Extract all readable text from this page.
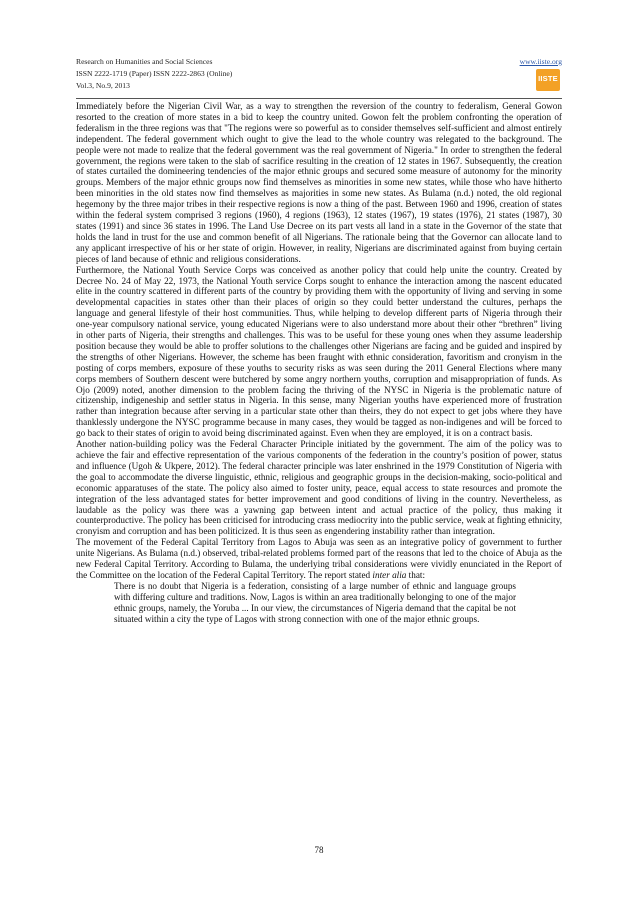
Research on Humanities and Social Sciences
ISSN 2222-1719 (Paper) ISSN 2222-2863 (Online)
Vol.3, No.9, 2013
www.iiste.org
IISTE

Immediately before the Nigerian Civil War, as a way to strengthen the reversion of the country to federalism, General Gowon resorted to the creation of more states in a bid to keep the country united. Gowon felt the problem confronting the operation of federalism in the three regions was that "The regions were so powerful as to consider themselves self-sufficient and almost entirely independent. The federal government which ought to give the lead to the whole country was relegated to the background. The people were not made to realize that the federal government was the real government of Nigeria." In order to strengthen the federal government, the regions were taken to the slab of sacrifice resulting in the creation of 12 states in 1967. Subsequently, the creation of states curtailed the domineering tendencies of the major ethnic groups and secured some measure of autonomy for the minority groups. Members of the major ethnic groups now find themselves as minorities in some new states, while those who have hitherto been minorities in the old states now find themselves as majorities in some new states. As Bulama (n.d.) noted, the old regional hegemony by the three major tribes in their respective regions is now a thing of the past. Between 1960 and 1996, creation of states within the federal system comprised 3 regions (1960), 4 regions (1963), 12 states (1967), 19 states (1976), 21 states (1987), 30 states (1991) and since 36 states in 1996. The Land Use Decree on its part vests all land in a state in the Governor of the state that holds the land in trust for the use and common benefit of all Nigerians. The rationale being that the Governor can allocate land to any applicant irrespective of his or her state of origin. However, in reality, Nigerians are discriminated against from buying certain pieces of land because of ethnic and religious considerations.

Furthermore, the National Youth Service Corps was conceived as another policy that could help unite the country. Created by Decree No. 24 of May 22, 1973, the National Youth service Corps sought to enhance the interaction among the nascent educated elite in the country scattered in different parts of the country by providing them with the opportunity of living and serving in some developmental capacities in states other than their places of origin so they could better understand the cultures, perhaps the language and general lifestyle of their host communities. Thus, while helping to develop different parts of Nigeria through their one-year compulsory national service, young educated Nigerians were to also understand more about their other “brethren” living in other parts of Nigeria, their strengths and challenges. This was to be useful for these young ones when they assume leadership position because they would be able to proffer solutions to the challenges other Nigerians are facing and be guided and inspired by the strengths of other Nigerians. However, the scheme has been fraught with ethnic consideration, favoritism and cronyism in the posting of corps members, exposure of these youths to security risks as was seen during the 2011 General Elections where many corps members of Southern descent were butchered by some angry northern youths, corruption and misappropriation of funds. As Ojo (2009) noted, another dimension to the problem facing the thriving of the NYSC in Nigeria is the problematic nature of citizenship, indigeneship and settler status in Nigeria. In this sense, many Nigerian youths have experienced more of frustration rather than integration because after serving in a particular state other than theirs, they do not expect to get jobs where they have thanklessly undergone the NYSC programme because in many cases, they would be tagged as non-indigenes and will be forced to go back to their states of origin to avoid being discriminated against. Even when they are employed, it is on a contract basis.

Another nation-building policy was the Federal Character Principle initiated by the government. The aim of the policy was to achieve the fair and effective representation of the various components of the federation in the country’s position of power, status and influence (Ugoh & Ukpere, 2012). The federal character principle was later enshrined in the 1979 Constitution of Nigeria with the goal to accommodate the diverse linguistic, ethnic, religious and geographic groups in the decision-making, socio-political and economic apparatuses of the state. The policy also aimed to foster unity, peace, equal access to state resources and promote the integration of the less advantaged states for better improvement and good conditions of living in the country. Nevertheless, as laudable as the policy was there was a yawning gap between intent and actual practice of the policy, thus making it counterproductive. The policy has been criticised for introducing crass mediocrity into the public service, weak at fighting ethnicity, cronyism and corruption and has been politicized. It is thus seen as engendering instability rather than integration.

The movement of the Federal Capital Territory from Lagos to Abuja was seen as an integrative policy of government to further unite Nigerians. As Bulama (n.d.) observed, tribal-related problems formed part of the reasons that led to the choice of Abuja as the new Federal Capital Territory. According to Bulama, the underlying tribal considerations were vividly enunciated in the Report of the Committee on the location of the Federal Capital Territory. The report stated inter alia that:

There is no doubt that Nigeria is a federation, consisting of a large number of ethnic and language groups with differing culture and traditions. Now, Lagos is within an area traditionally belonging to one of the major ethnic groups, namely, the Yoruba ... In our view, the circumstances of Nigeria demand that the capital be not situated within a city the type of Lagos with strong connection with one of the major ethnic groups.

78
